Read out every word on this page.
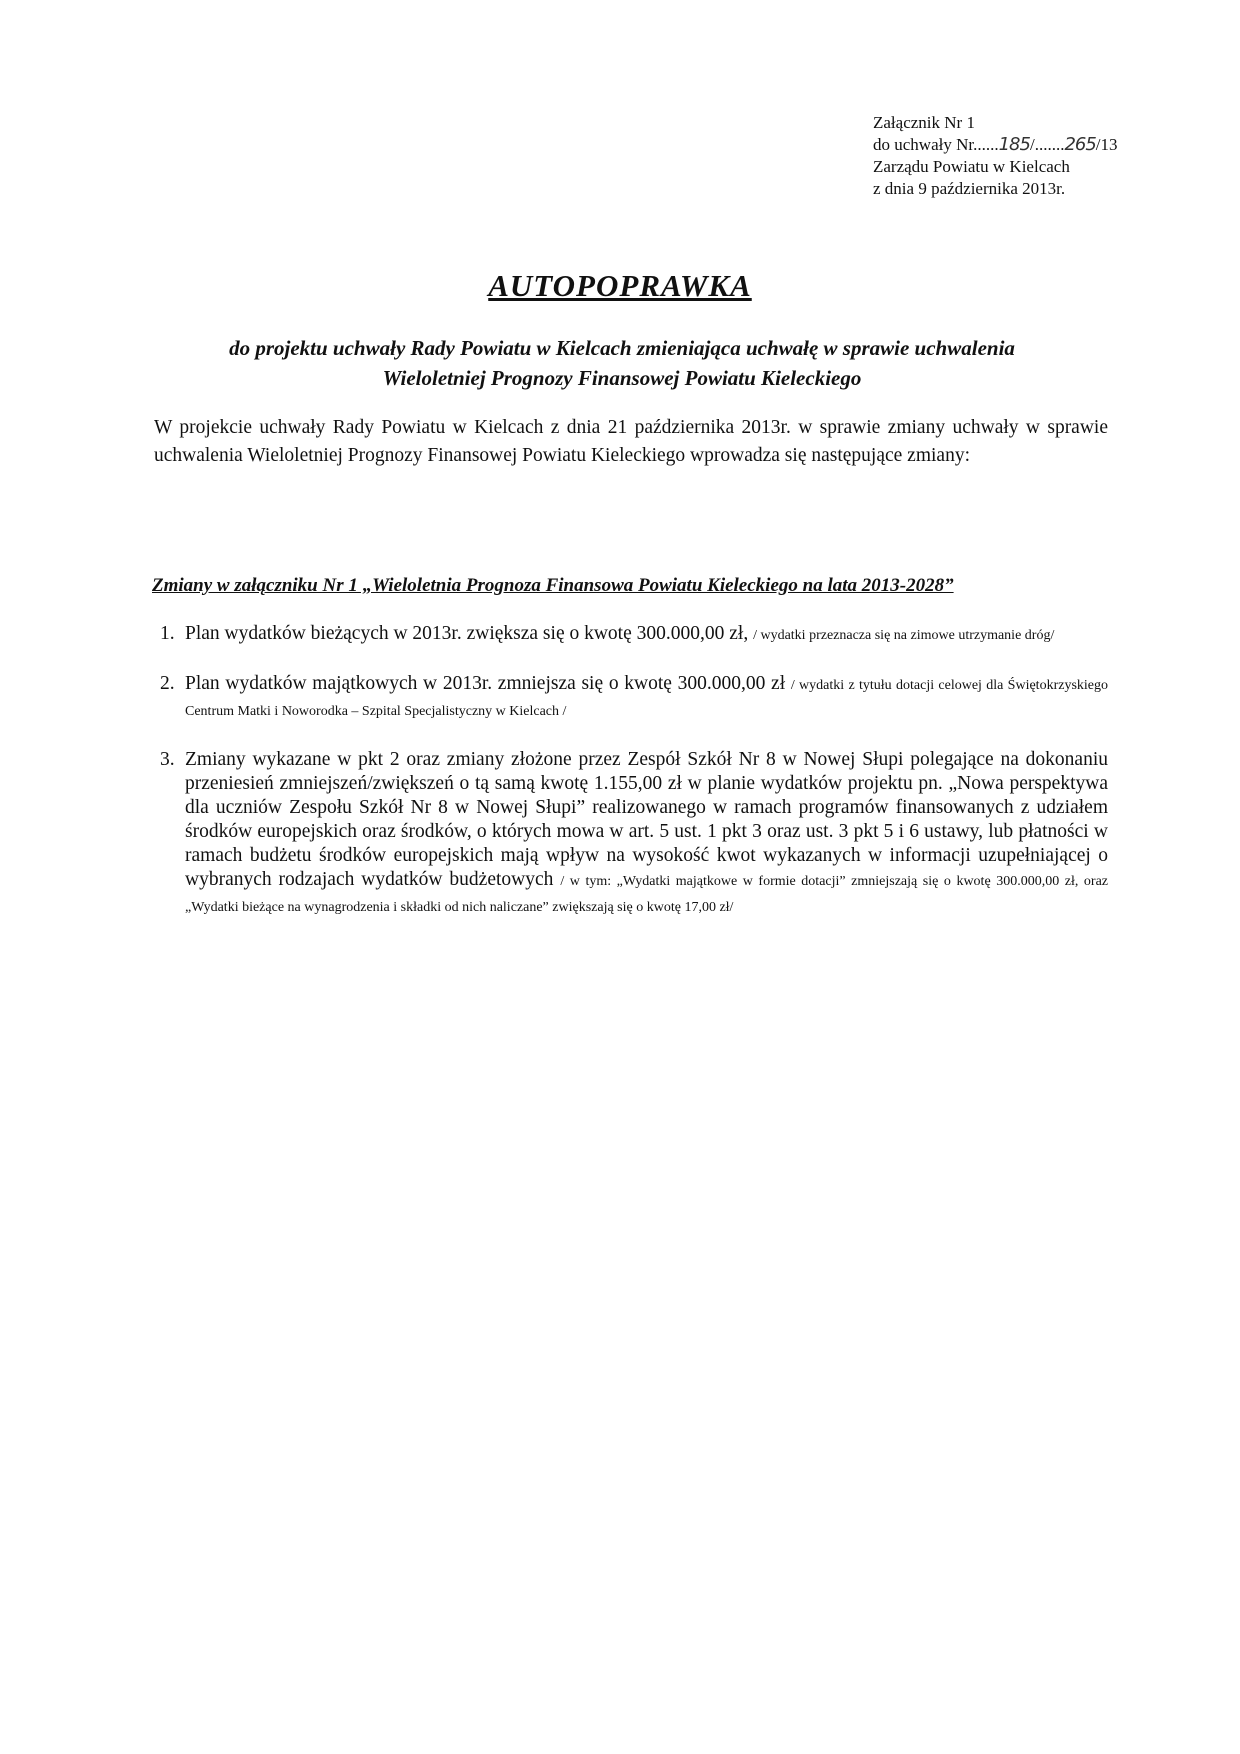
Załącznik Nr 1
do uchwały Nr......185/.......265/13
Zarządu Powiatu w Kielcach
z dnia 9 października 2013r.
AUTOPOPRAWKA
do projektu uchwały Rady Powiatu w Kielcach zmieniająca uchwałę w sprawie uchwalenia
Wieloletniej Prognozy Finansowej Powiatu Kieleckiego
W projekcie uchwały Rady Powiatu w Kielcach z dnia 21 października 2013r. w sprawie zmiany uchwały w sprawie uchwalenia Wieloletniej Prognozy Finansowej Powiatu Kieleckiego wprowadza się następujące zmiany:
Zmiany w załączniku Nr 1 „Wieloletnia Prognoza Finansowa Powiatu Kieleckiego na lata 2013-2028”
1. Plan wydatków bieżących w 2013r. zwiększa się o kwotę 300.000,00 zł, / wydatki przeznacza się na zimowe utrzymanie dróg/
2. Plan wydatków majątkowych w 2013r. zmniejsza się o kwotę 300.000,00 zł / wydatki z tytułu dotacji celowej dla Świętokrzyskiego Centrum Matki i Noworodka – Szpital Specjalistyczny w Kielcach /
3. Zmiany wykazane w pkt 2 oraz zmiany złożone przez Zespół Szkół Nr 8 w Nowej Słupi polegające na dokonaniu przeniesień zmniejszeń/zwiększeń o tą samą kwotę 1.155,00 zł w planie wydatków projektu pn. „Nowa perspektywa dla uczniów Zespołu Szkół Nr 8 w Nowej Słupi” realizowanego w ramach programów finansowanych z udziałem środków europejskich oraz środków, o których mowa w art. 5 ust. 1 pkt 3 oraz ust. 3 pkt 5 i 6 ustawy, lub płatności w ramach budżetu środków europejskich mają wpływ na wysokość kwot wykazanych w informacji uzupełniającej o wybranych rodzajach wydatków budżetowych / w tym: „Wydatki majątkowe w formie dotacji” zmniejszają się o kwotę 300.000,00 zł, oraz „Wydatki bieżące na wynagrodzenia i składki od nich naliczane” zwiększają się o kwotę 17,00 zł/
